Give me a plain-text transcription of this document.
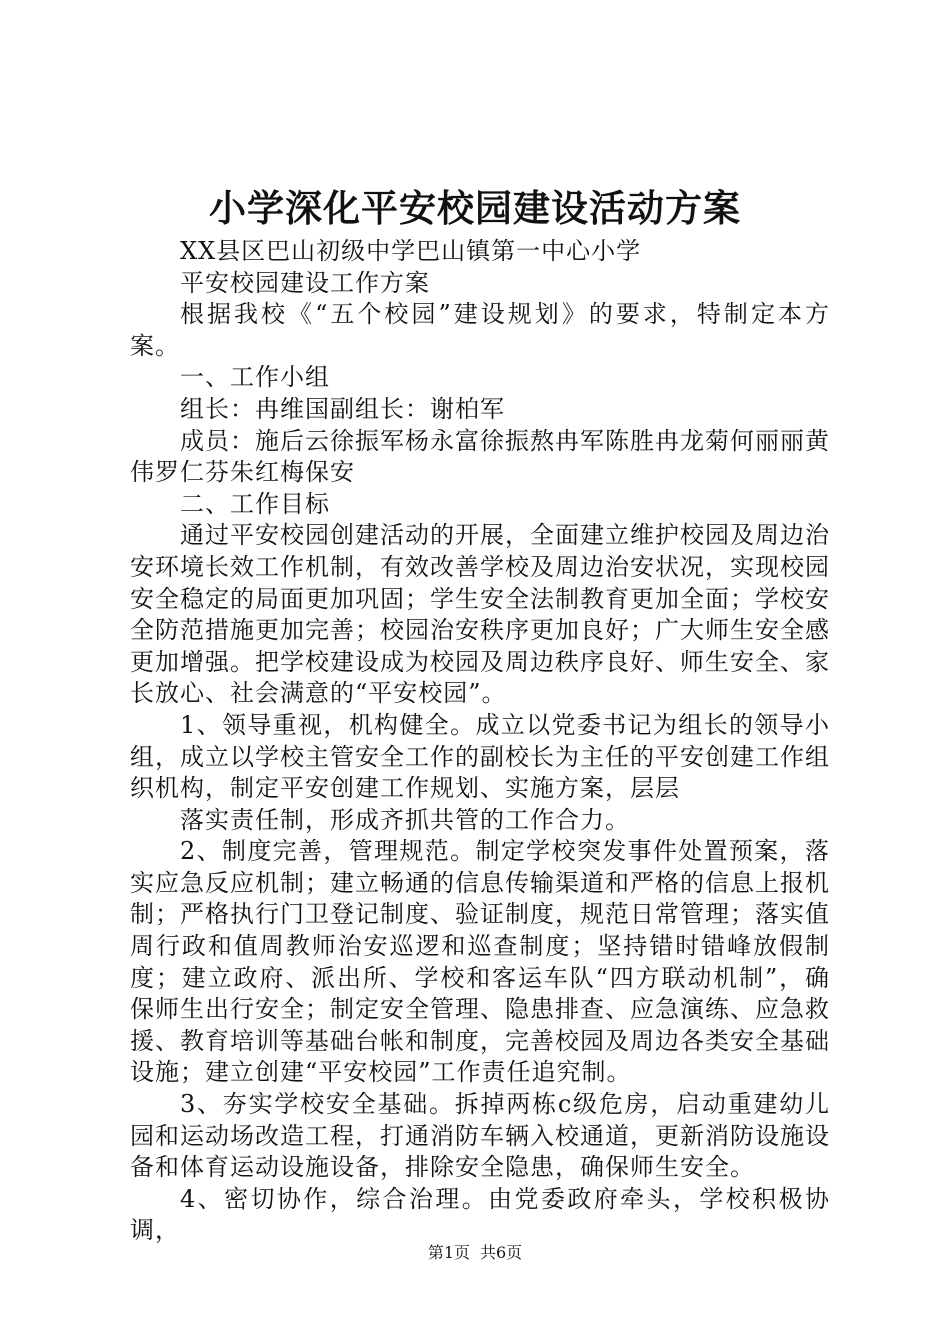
小学深化平安校园建设活动方案

XX县区巴山初级中学巴山镇第一中心小学

平安校园建设工作方案

根据我校《“五个校园”建设规划》的要求，特制定本方案。

一、工作小组

组长：冉维国副组长：谢柏军

成员：施后云徐振军杨永富徐振熬冉军陈胜冉龙菊何丽丽黄伟罗仁芬朱红梅保安

二、工作目标

通过平安校园创建活动的开展，全面建立维护校园及周边治安环境长效工作机制，有效改善学校及周边治安状况，实现校园安全稳定的局面更加巩固；学生安全法制教育更加全面；学校安全防范措施更加完善；校园治安秩序更加良好；广大师生安全感更加增强。把学校建设成为校园及周边秩序良好、师生安全、家长放心、社会满意的“平安校园”。

1、领导重视，机构健全。成立以党委书记为组长的领导小组，成立以学校主管安全工作的副校长为主任的平安创建工作组织机构，制定平安创建工作规划、实施方案，层层

落实责任制，形成齐抓共管的工作合力。

2、制度完善，管理规范。制定学校突发事件处置预案，落实应急反应机制；建立畅通的信息传输渠道和严格的信息上报机制；严格执行门卫登记制度、验证制度，规范日常管理；落实值周行政和值周教师治安巡逻和巡查制度；坚持错时错峰放假制度；建立政府、派出所、学校和客运车队“四方联动机制”，确保师生出行安全；制定安全管理、隐患排查、应急演练、应急救援、教育培训等基础台帐和制度，完善校园及周边各类安全基础设施；建立创建“平安校园”工作责任追究制。

3、夯实学校安全基础。拆掉两栋c级危房，启动重建幼儿园和运动场改造工程，打通消防车辆入校通道，更新消防设施设备和体育运动设施设备，排除安全隐患，确保师生安全。

4、密切协作，综合治理。由党委政府牵头，学校积极协调，

第1页 共6页
